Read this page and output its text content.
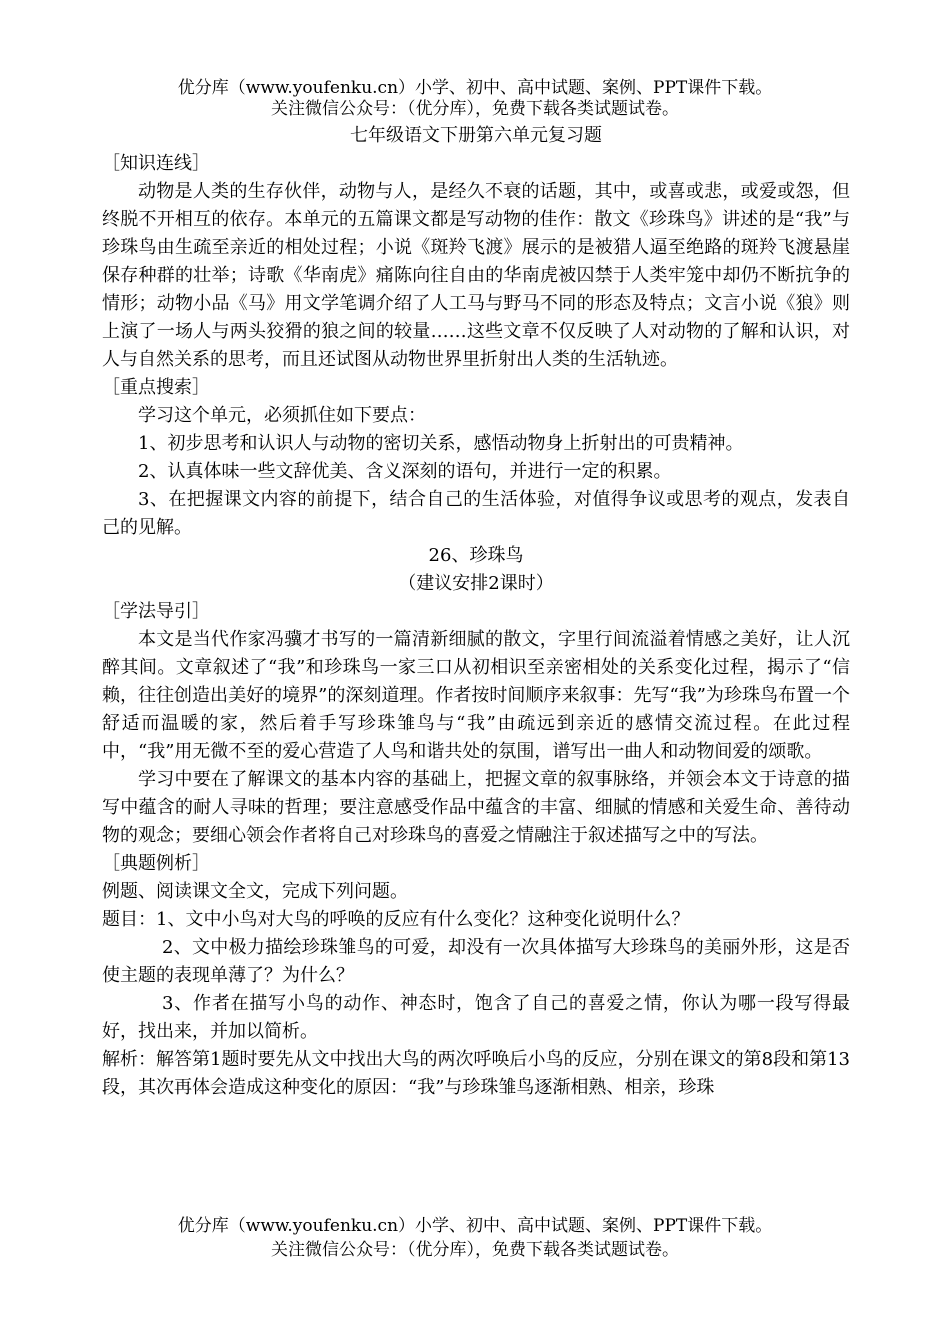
优分库（www.youfenku.cn）小学、初中、高中试题、案例、PPT课件下载。
关注微信公众号：（优分库），免费下载各类试题试卷。

七年级语文下册第六单元复习题

［知识连线］

动物是人类的生存伙伴，动物与人，是经久不衰的话题，其中，或喜或悲，或爱或怨，但终脱不开相互的依存。本单元的五篇课文都是写动物的佳作：散文《珍珠鸟》讲述的是“我”与珍珠鸟由生疏至亲近的相处过程；小说《斑羚飞渡》展示的是被猎人逼至绝路的斑羚飞渡悬崖保存种群的壮举；诗歌《华南虎》痛陈向往自由的华南虎被囚禁于人类牢笼中却仍不断抗争的情形；动物小品《马》用文学笔调介绍了人工马与野马不同的形态及特点；文言小说《狼》则上演了一场人与两头狡猾的狼之间的较量……这些文章不仅反映了人对动物的了解和认识，对人与自然关系的思考，而且还试图从动物世界里折射出人类的生活轨迹。

［重点搜索］

学习这个单元，必须抓住如下要点：

1、初步思考和认识人与动物的密切关系，感悟动物身上折射出的可贵精神。

2、认真体味一些文辞优美、含义深刻的语句，并进行一定的积累。

3、在把握课文内容的前提下，结合自己的生活体验，对值得争议或思考的观点，发表自己的见解。

26、珍珠鸟

（建议安排2课时）

［学法导引］

本文是当代作家冯骥才书写的一篇清新细腻的散文，字里行间流溢着情感之美好，让人沉醉其间。文章叙述了“我”和珍珠鸟一家三口从初相识至亲密相处的关系变化过程，揭示了“信赖，往往创造出美好的境界”的深刻道理。作者按时间顺序来叙事：先写“我”为珍珠鸟布置一个舒适而温暖的家，然后着手写珍珠雏鸟与“我”由疏远到亲近的感情交流过程。在此过程中，“我”用无微不至的爱心营造了人鸟和谐共处的氛围，谱写出一曲人和动物间爱的颂歌。

学习中要在了解课文的基本内容的基础上，把握文章的叙事脉络，并领会本文于诗意的描写中蕴含的耐人寻味的哲理；要注意感受作品中蕴含的丰富、细腻的情感和关爱生命、善待动物的观念；要细心领会作者将自己对珍珠鸟的喜爱之情融注于叙述描写之中的写法。

［典题例析］

例题、阅读课文全文，完成下列问题。

题目：1、文中小鸟对大鸟的呼唤的反应有什么变化？这种变化说明什么？

2、文中极力描绘珍珠雏鸟的可爱，却没有一次具体描写大珍珠鸟的美丽外形，这是否使主题的表现单薄了？为什么？

3、作者在描写小鸟的动作、神态时，饱含了自己的喜爱之情，你认为哪一段写得最好，找出来，并加以简析。

解析：解答第1题时要先从文中找出大鸟的两次呼唤后小鸟的反应，分别在课文的第8段和第13段，其次再体会造成这种变化的原因：“我”与珍珠雏鸟逐渐相熟、相亲，珍珠

优分库（www.youfenku.cn）小学、初中、高中试题、案例、PPT课件下载。
关注微信公众号：（优分库），免费下载各类试题试卷。
